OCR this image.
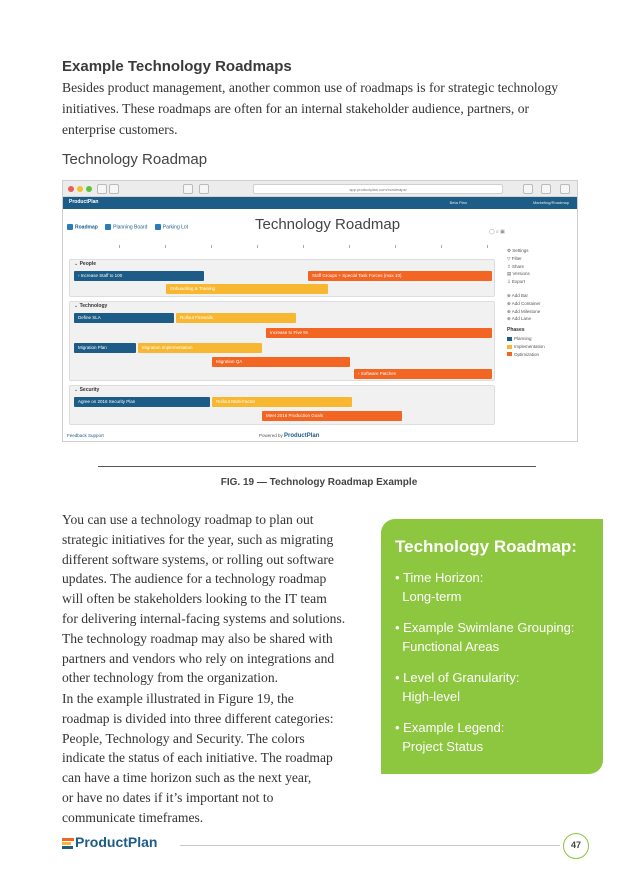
Example Technology Roadmaps

Besides product management, another common use of roadmaps is for strategic technology initiatives. These roadmaps are often for an internal stakeholder audience, partners, or enterprise customers.

Technology Roadmap
app.productplan.com/roadmaps/
ProductPlan	Beta Plan	Marketing/Roadmap
Roadmap	Planning Board	Parking Lot	Technology Roadmap	◯ ⌕ ▣
⌄ People
› Increase Staff to 100	Staff Groups + Special Task Forces (max 10)
Onboarding & Training
⌄ Technology
Define SLA	Rollout Firewalls
Increase to Five 9s
Migration Plan	Migration Implementation
Migration QA
› Software Patches
⌄ Security
Agree on 2016 Security Plan	Rollout Multi-Factor
Meet 2016 Production Goals
⚙ Settings
▽ Filter
⇪ Share
▤ Versions
⇩ Export
⊕ Add Bar
⊕ Add Container
⊕ Add Milestone
⊕ Add Lane
Phases
Planning
Implementation
Optimization
Feedback Support	Powered by ProductPlan
FIG. 19 — Technology Roadmap Example
You can use a technology roadmap to plan out
strategic initiatives for the year, such as migrating
different software systems, or rolling out software
updates. The audience for a technology roadmap
will often be stakeholders looking to the IT team
for delivering internal-facing systems and solutions.
The technology roadmap may also be shared with
partners and vendors who rely on integrations and
other technology from the organization.
In the example illustrated in Figure 19, the
roadmap is divided into three different categories:
People, Technology and Security. The colors
indicate the status of each initiative. The roadmap
can have a time horizon such as the next year,
or have no dates if it’s important not to
communicate timeframes.
Technology Roadmap:
• Time Horizon:
Long-term
• Example Swimlane Grouping:
Functional Areas
• Level of Granularity:
High-level
• Example Legend:
Project Status
ProductPlan	47
